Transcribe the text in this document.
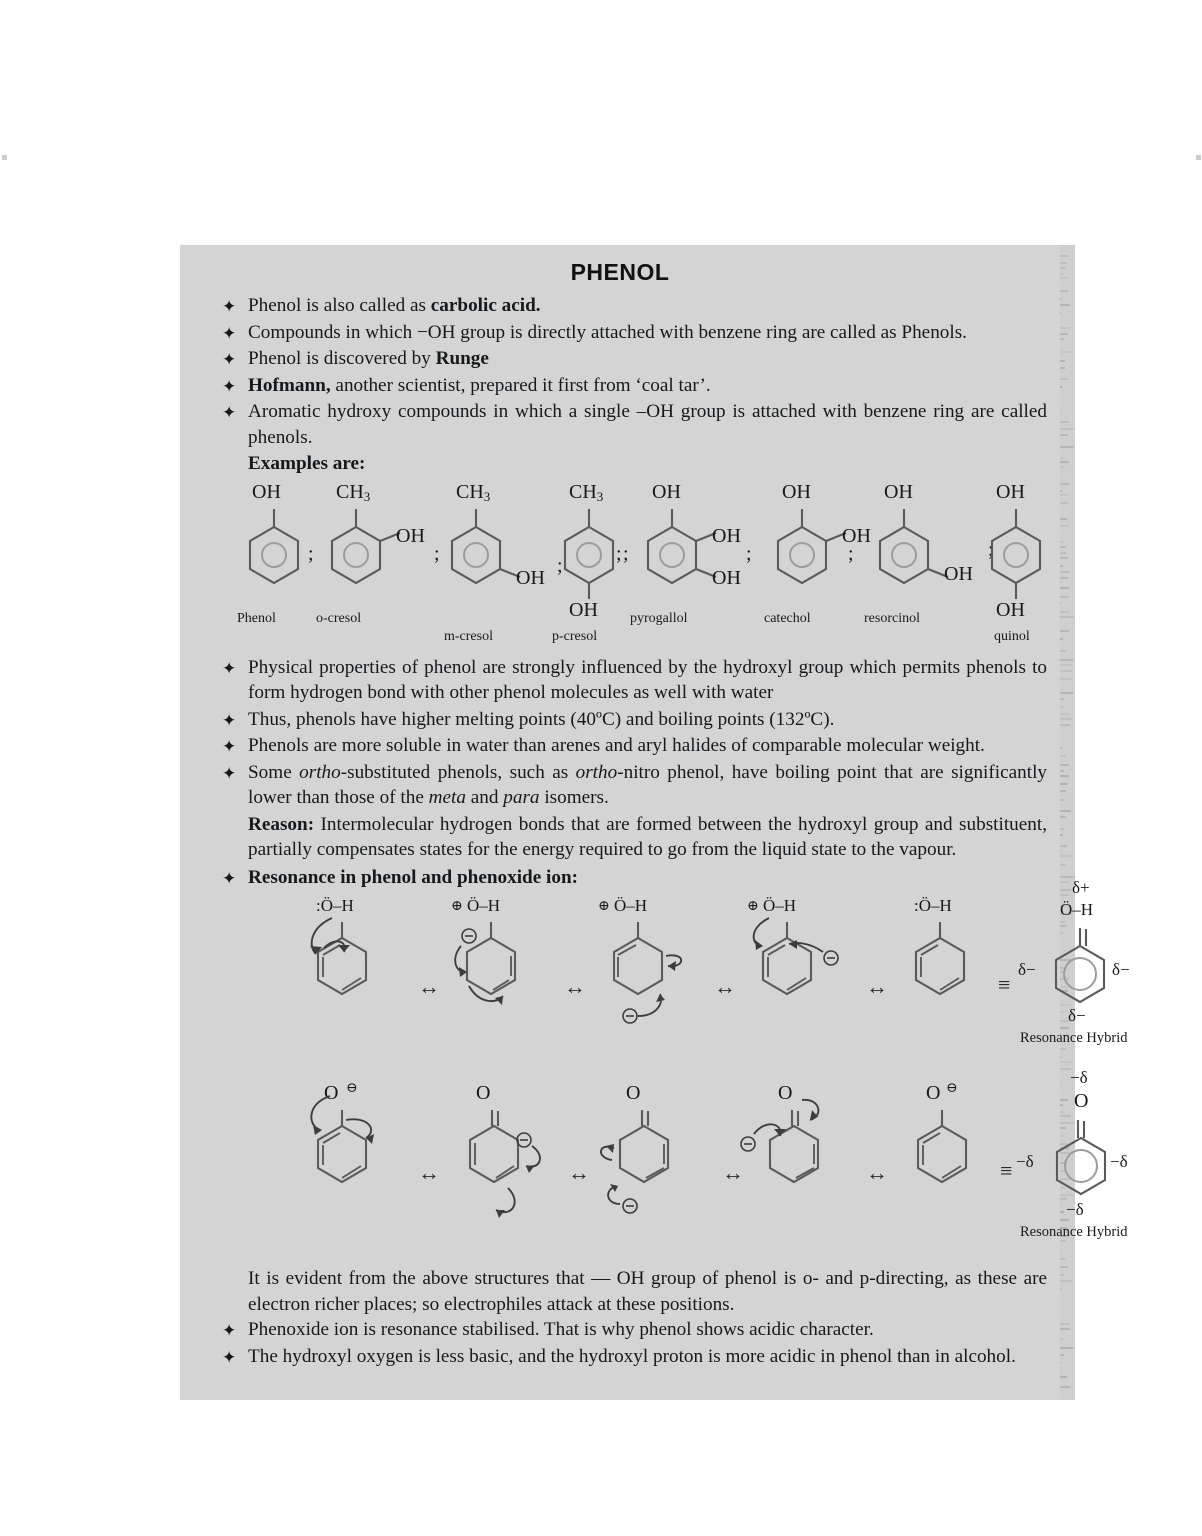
PHENOL
✦ Phenol is also called as carbolic acid.
✦ Compounds in which −OH group is directly attached with benzene ring are called as Phenols.
✦ Phenol is discovered by Runge
✦ Hofmann, another scientist, prepared it first from ‘coal tar’.
✦ Aromatic hydroxy compounds in which a single –OH group is attached with benzene ring are called phenols.
Examples are:
OH
;
Phenol
$CH_3$
OH
;
o-cresol
$CH_3$
OH
;
m-cresol
$CH_3$
OH
;
p-cresol
OH
OH
OH
;
pyrogallol
OH
OH
;
catechol
OH
OH
;	;
resorcinol
OH
OH
quinol
✦ Physical properties of phenol are strongly influenced by the hydroxyl group which permits phenols to form hydrogen bond with other phenol molecules as well with water
✦ Thus, phenols have higher melting points (40ºC) and boiling points (132ºC).
✦ Phenols are more soluble in water than arenes and aryl halides of comparable molecular weight.
✦ Some ortho-substituted phenols, such as ortho-nitro phenol, have boiling point that are significantly lower than those of the meta and para isomers.
Reason: Intermolecular hydrogen bonds that are formed between the hydroxyl group and substituent, partially compensates states for the energy required to go from the liquid state to the vapour.
✦ Resonance in phenol and phenoxide ion:
:Ö–H
↔
⊕ Ö–H
↔
⊕ Ö–H
↔
⊕ Ö–H
↔
:Ö–H
≡
δ+
Ö–H
δ−	δ−
δ−
Resonance Hybrid
O ⊖
↔
O
↔
O
↔
O
↔
O ⊖
≡
−δ
O
−δ	−δ
−δ
Resonance Hybrid
It is evident from the above structures that — OH group of phenol is o- and p-directing, as these are electron richer places; so electrophiles attack at these positions.
✦ Phenoxide ion is resonance stabilised. That is why phenol shows acidic character.
✦ The hydroxyl oxygen is less basic, and the hydroxyl proton is more acidic in phenol than in alcohol.
